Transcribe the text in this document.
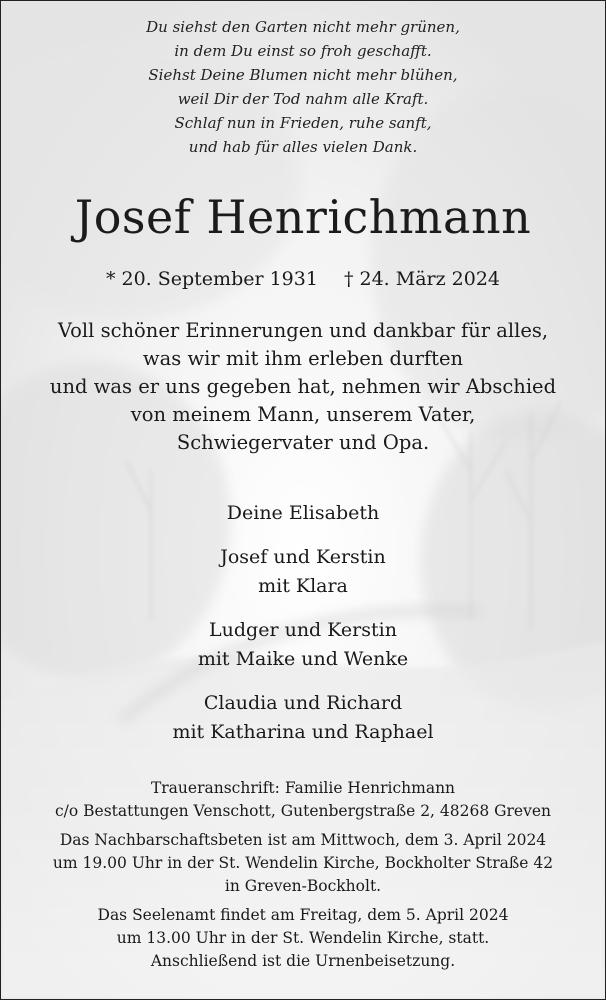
Du siehst den Garten nicht mehr grünen,
in dem Du einst so froh geschafft.
Siehst Deine Blumen nicht mehr blühen,
weil Dir der Tod nahm alle Kraft.
Schlaf nun in Frieden, ruhe sanft,
und hab für alles vielen Dank.
Josef Henrichmann
* 20. September 1931 † 24. März 2024
Voll schöner Erinnerungen und dankbar für alles,
was wir mit ihm erleben durften
und was er uns gegeben hat, nehmen wir Abschied
von meinem Mann, unserem Vater,
Schwiegervater und Opa.
Deine Elisabeth
Josef und Kerstin
mit Klara
Ludger und Kerstin
mit Maike und Wenke
Claudia und Richard
mit Katharina und Raphael
Traueranschrift: Familie Henrichmann
c/o Bestattungen Venschott, Gutenbergstraße 2, 48268 Greven
Das Nachbarschaftsbeten ist am Mittwoch, dem 3. April 2024
um 19.00 Uhr in der St. Wendelin Kirche, Bockholter Straße 42
in Greven-Bockholt.
Das Seelenamt findet am Freitag, dem 5. April 2024
um 13.00 Uhr in der St. Wendelin Kirche, statt.
Anschließend ist die Urnenbeisetzung.
